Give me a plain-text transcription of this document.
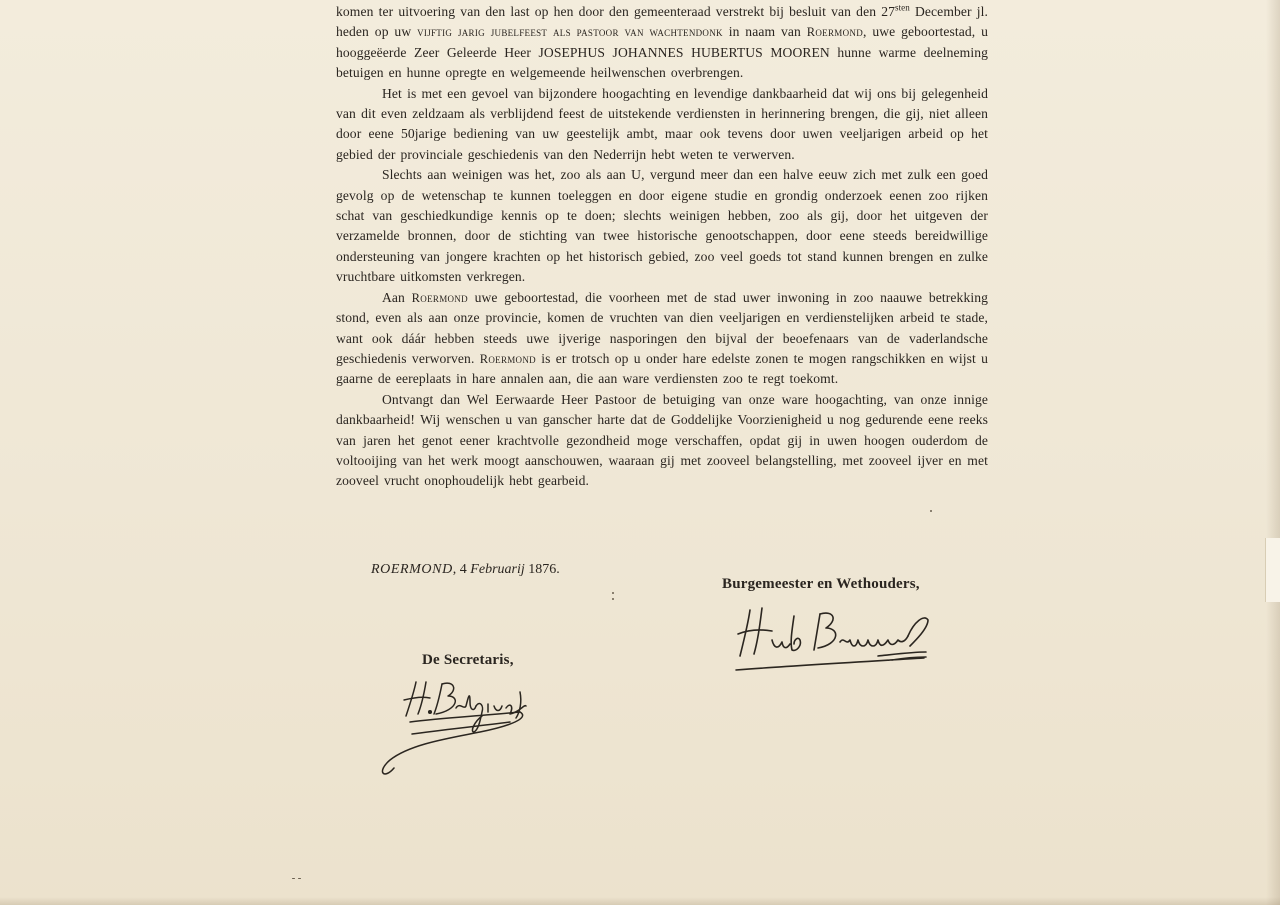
komen ter uitvoering van den last op hen door den gemeenteraad verstrekt bij besluit van den $27^{sten}$ December jl. heden op uw vijftig jarig jubelfeest als pastoor van wachtendonk in naam van Roermond, uwe geboortestad, u hooggeëerde Zeer Geleerde Heer JOSEPHUS JOHANNES HUBERTUS MOOREN hunne warme deelneming betuigen en hunne opregte en welgemeende heilwenschen overbrengen.

Het is met een gevoel van bijzondere hoogachting en levendige dankbaarheid dat wij ons bij gelegenheid van dit even zeldzaam als verblijdend feest de uitstekende verdiensten in herinnering brengen, die gij, niet alleen door eene 50jarige bediening van uw geestelijk ambt, maar ook tevens door uwen veeljarigen arbeid op het gebied der provinciale geschiedenis van den Nederrijn hebt weten te verwerven.

Slechts aan weinigen was het, zoo als aan U, vergund meer dan een halve eeuw zich met zulk een goed gevolg op de wetenschap te kunnen toeleggen en door eigene studie en grondig onderzoek eenen zoo rijken schat van geschiedkundige kennis op te doen; slechts weinigen hebben, zoo als gij, door het uitgeven der verzamelde bronnen, door de stichting van twee historische genootschappen, door eene steeds bereidwillige ondersteuning van jongere krachten op het historisch gebied, zoo veel goeds tot stand kunnen brengen en zulke vruchtbare uitkomsten verkregen.

Aan Roermond uwe geboortestad, die voorheen met de stad uwer inwoning in zoo naauwe betrekking stond, even als aan onze provincie, komen de vruchten van dien veeljarigen en verdienstelijken arbeid te stade, want ook dáár hebben steeds uwe ijverige nasporingen den bijval der beoefenaars van de vaderlandsche geschiedenis verworven. Roermond is er trotsch op u onder hare edelste zonen te mogen rangschikken en wijst u gaarne de eereplaats in hare annalen aan, die aan ware verdiensten zoo te regt toekomt.

Ontvangt dan Wel Eerwaarde Heer Pastoor de betuiging van onze ware hoogachting, van onze innige dankbaarheid! Wij wenschen u van ganscher harte dat de Goddelijke Voorzienigheid u nog gedurende eene reeks van jaren het genot eener krachtvolle gezondheid moge verschaffen, opdat gij in uwen hoogen ouderdom de voltooijing van het werk moogt aanschouwen, waaraan gij met zooveel belangstelling, met zooveel ijver en met zooveel vrucht onophoudelijk hebt gearbeid.

ROERMOND, 4 Februarij 1876.
Burgemeester en Wethouders,
De Secretaris,
